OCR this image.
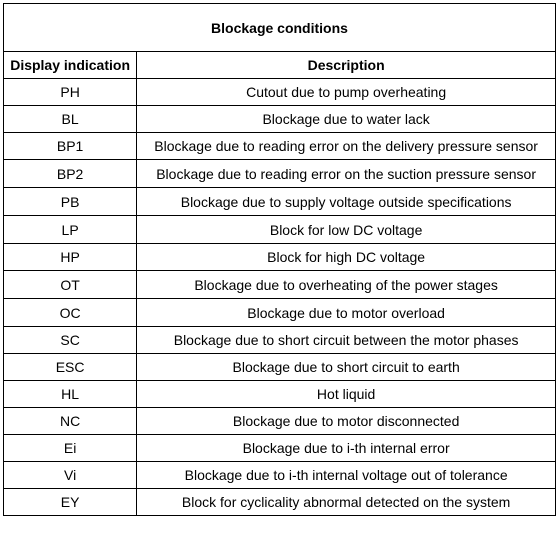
Blockage conditions	
Display indication	Description
PH	Cutout due to pump overheating
BL	Blockage due to water lack
BP1	Blockage due to reading error on the delivery pressure sensor
BP2	Blockage due to reading error on the suction pressure sensor
PB	Blockage due to supply voltage outside specifications
LP	Block for low DC voltage
HP	Block for high DC voltage
OT	Blockage due to overheating of the power stages
OC	Blockage due to motor overload
SC	Blockage due to short circuit between the motor phases
ESC	Blockage due to short circuit to earth
HL	Hot liquid
NC	Blockage due to motor disconnected
Ei	Blockage due to i-th internal error
Vi	Blockage due to i-th internal voltage out of tolerance
EY	Block for cyclicality abnormal detected on the system
